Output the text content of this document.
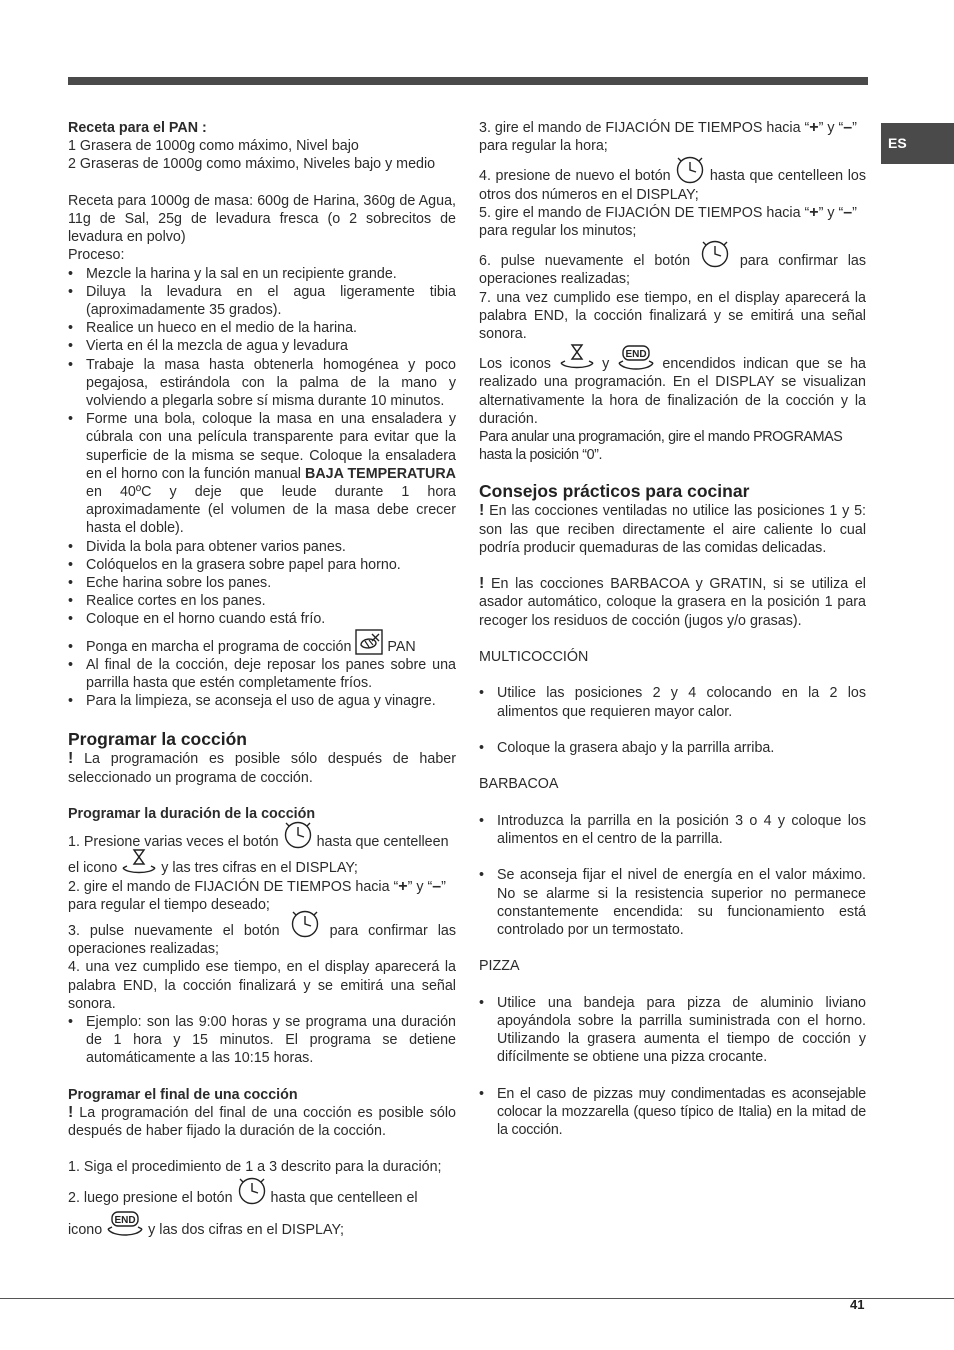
ES
Receta para el PAN :
1 Grasera de 1000g como máximo, Nivel bajo
2 Graseras de 1000g como máximo, Niveles bajo y medio
Receta para 1000g de masa: 600g de Harina, 360g de Agua, 11g de Sal, 25g de levadura fresca (o 2 sobrecitos de levadura en polvo)
Proceso:
• Mezcle la harina y la sal en un recipiente grande.
• Diluya la levadura en el agua ligeramente tibia (aproximadamente 35 grados).
• Realice un hueco en el medio de la harina.
• Vierta en él la mezcla de agua y levadura
• Trabaje la masa hasta obtenerla homogénea y poco pegajosa, estirándola con la palma de la mano y volviendo a plegarla sobre sí misma durante 10 minutos.
• Forme una bola, coloque la masa en una ensaladera y cúbrala con una película transparente para evitar que la superficie de la misma se seque. Coloque la ensaladera en el horno con la función manual BAJA TEMPERATURA en 40ºC y deje que leude durante 1 hora aproximadamente (el volumen de la masa debe crecer hasta el doble).
• Divida la bola para obtener varios panes.
• Colóquelos en la grasera sobre papel para horno.
• Eche harina sobre los panes.
• Realice cortes en los panes.
• Coloque en el horno cuando está frío.
• Ponga en marcha el programa de cocción	PAN
• Al final de la cocción, deje reposar los panes sobre una parrilla hasta que estén completamente fríos.
• Para la limpieza, se aconseja el uso de agua y vinagre.
Programar la cocción
! La programación es posible sólo después de haber seleccionado un programa de cocción.
Programar la duración de la cocción
1. Presione varias veces el botón	hasta que centelleen
el icono	y las tres cifras en el DISPLAY;
2. gire el mando de FIJACIÓN DE TIEMPOS hacia “+” y “–” para regular el tiempo deseado;
3. pulse nuevamente el botón	para confirmar las operaciones realizadas;
4. una vez cumplido ese tiempo, en el display aparecerá la palabra END, la cocción finalizará y se emitirá una señal sonora.
• Ejemplo: son las 9:00 horas y se programa una duración de 1 hora y 15 minutos. El programa se detiene automáticamente a las 10:15 horas.
Programar el final de una cocción
! La programación del final de una cocción es posible sólo después de haber fijado la duración de la cocción.
1. Siga el procedimiento de 1 a 3 descrito para la duración;
2. luego presione el botón	hasta que centelleen el
icono
END
y las dos cifras en el DISPLAY;
3. gire el mando de FIJACIÓN DE TIEMPOS hacia “+” y “–” para regular la hora;
4. presione de nuevo el botón	hasta que centelleen los otros dos números en el DISPLAY;
5. gire el mando de FIJACIÓN DE TIEMPOS hacia “+” y “–” para regular los minutos;
6. pulse nuevamente el botón	para confirmar las operaciones realizadas;
7. una vez cumplido ese tiempo, en el display aparecerá la palabra END, la cocción finalizará y se emitirá una señal sonora.
Los iconos	y
END
encendidos indican que se ha realizado una programación. En el DISPLAY se visualizan alternativamente la hora de finalización de la cocción y la duración.
Para anular una programación, gire el mando PROGRAMAS hasta la posición “0”.
Consejos prácticos para cocinar
! En las cocciones ventiladas no utilice las posiciones 1 y 5: son las que reciben directamente el aire caliente lo cual podría producir quemaduras de las comidas delicadas.
! En las cocciones BARBACOA y GRATIN, si se utiliza el asador automático, coloque la grasera en la posición 1 para recoger los residuos de cocción (jugos y/o grasas).
MULTICOCCIÓN
• Utilice las posiciones 2 y 4 colocando en la 2 los alimentos que requieren mayor calor.
• Coloque la grasera abajo y la parrilla arriba.
BARBACOA
• Introduzca la parrilla en la posición 3 o 4 y coloque los alimentos en el centro de la parrilla.
• Se aconseja fijar el nivel de energía en el valor máximo. No se alarme si la resistencia superior no permanece constantemente encendida: su funcionamiento está controlado por un termostato.
PIZZA
• Utilice una bandeja para pizza de aluminio liviano apoyándola sobre la parrilla suministrada con el horno. Utilizando la grasera aumenta el tiempo de cocción y difícilmente se obtiene una pizza crocante.
• En el caso de pizzas muy condimentadas es aconsejable colocar la mozzarella (queso típico de Italia) en la mitad de la cocción.
41
